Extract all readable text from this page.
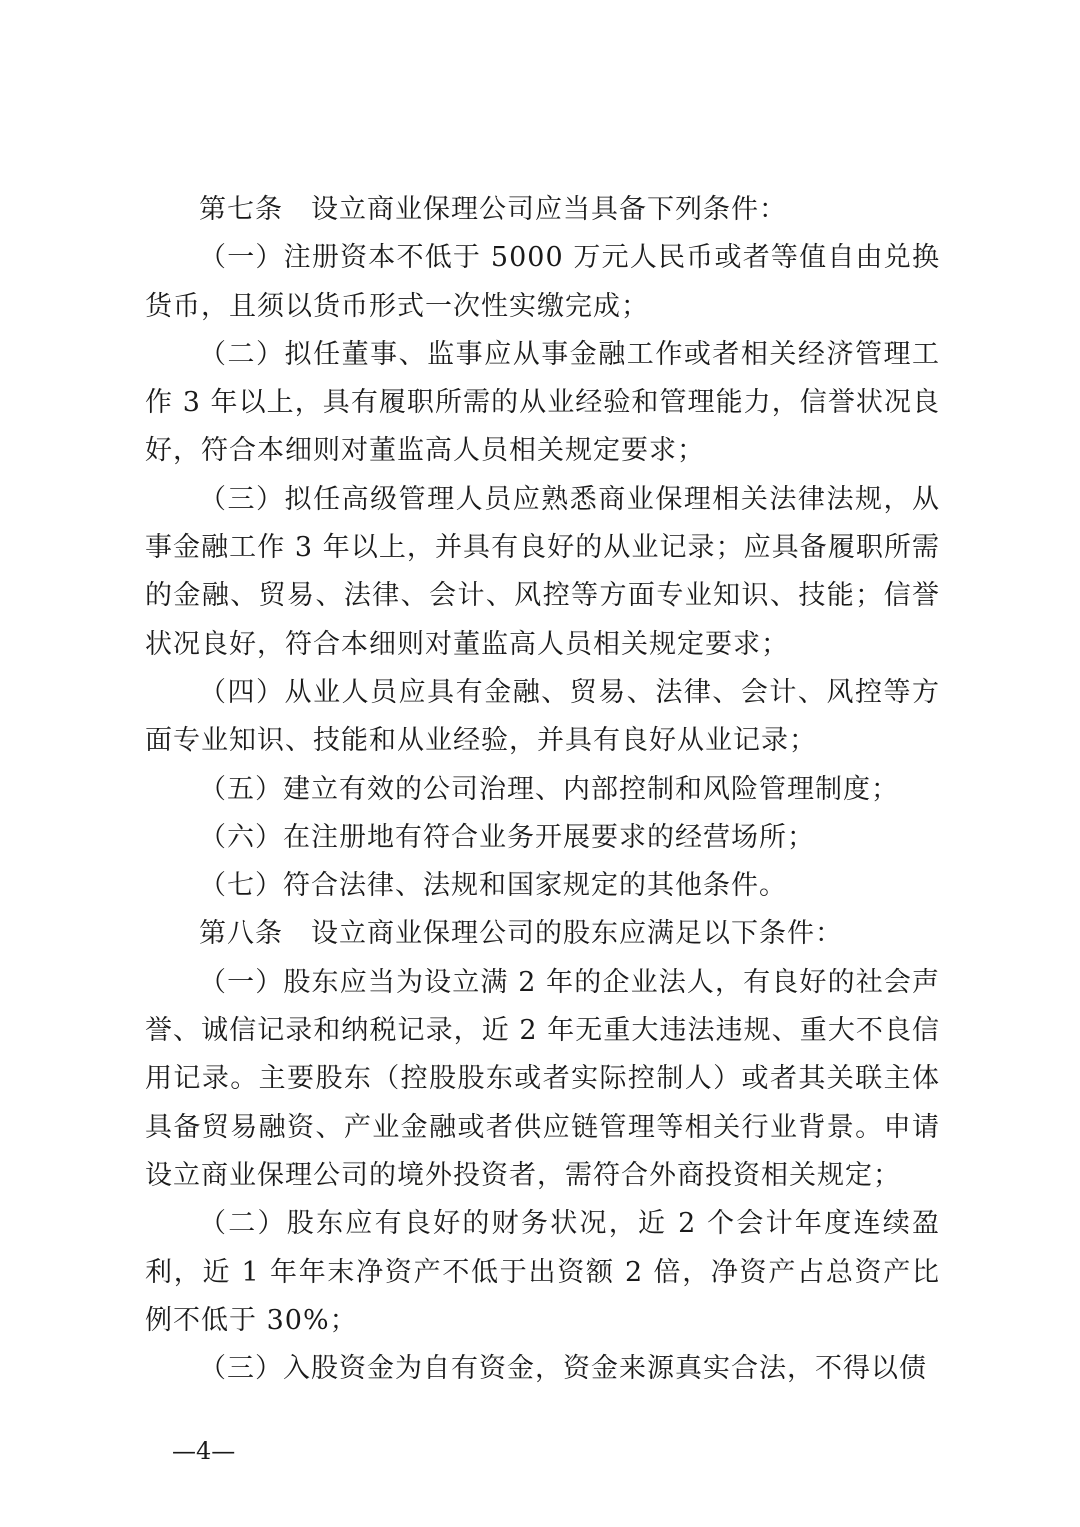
第七条　设立商业保理公司应当具备下列条件：

（一）注册资本不低于 5000 万元人民币或者等值自由兑换货币，且须以货币形式一次性实缴完成；

（二）拟任董事、监事应从事金融工作或者相关经济管理工作 3 年以上，具有履职所需的从业经验和管理能力，信誉状况良好，符合本细则对董监高人员相关规定要求；

（三）拟任高级管理人员应熟悉商业保理相关法律法规，从事金融工作 3 年以上，并具有良好的从业记录；应具备履职所需的金融、贸易、法律、会计、风控等方面专业知识、技能；信誉状况良好，符合本细则对董监高人员相关规定要求；

（四）从业人员应具有金融、贸易、法律、会计、风控等方面专业知识、技能和从业经验，并具有良好从业记录；

（五）建立有效的公司治理、内部控制和风险管理制度；

（六）在注册地有符合业务开展要求的经营场所；

（七）符合法律、法规和国家规定的其他条件。

第八条　设立商业保理公司的股东应满足以下条件：

（一）股东应当为设立满 2 年的企业法人，有良好的社会声誉、诚信记录和纳税记录，近 2 年无重大违法违规、重大不良信用记录。主要股东（控股股东或者实际控制人）或者其关联主体具备贸易融资、产业金融或者供应链管理等相关行业背景。申请设立商业保理公司的境外投资者，需符合外商投资相关规定；

（二）股东应有良好的财务状况，近 2 个会计年度连续盈利，近 1 年年末净资产不低于出资额 2 倍，净资产占总资产比例不低于 30%；

（三）入股资金为自有资金，资金来源真实合法，不得以债

—4—
